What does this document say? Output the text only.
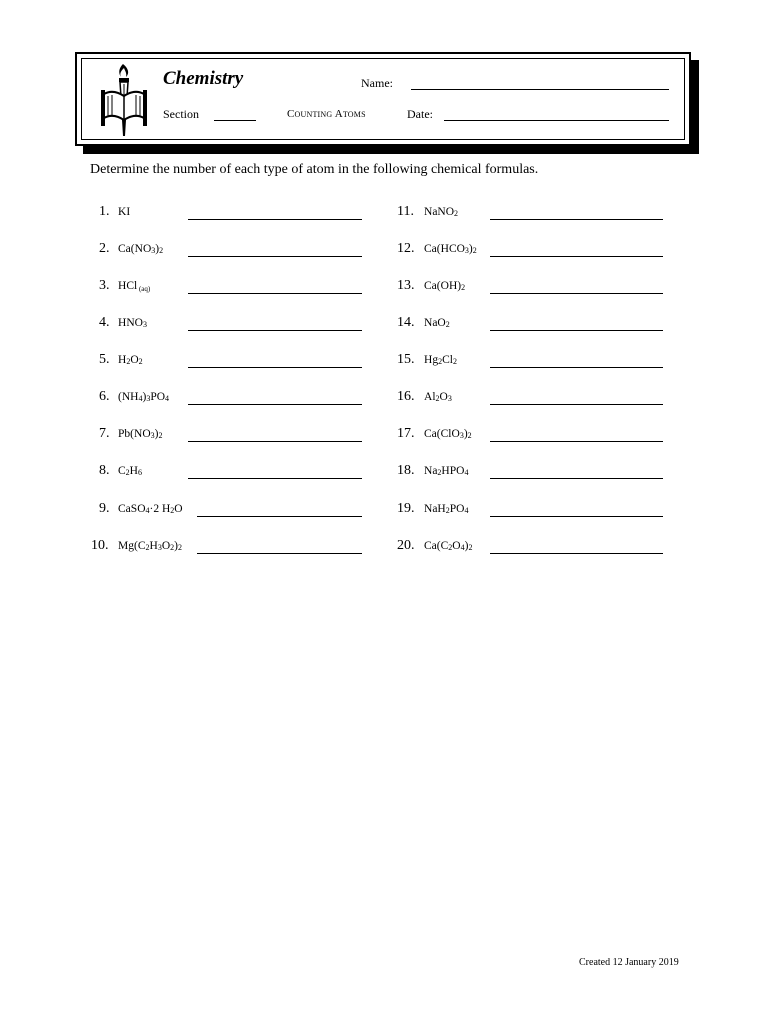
Chemistry	Name:
Section	Counting Atoms	Date:
Determine the number of each type of atom in the following chemical formulas.
1. KI
2. $Ca(NO_3)_2$
3. HCl (aq)
4. $HNO_3$
5. $H_2O_2$
6. $(NH_4)_3PO_4$
7. $Pb(NO_3)_2$
8. $C_2H_6$
9. CaSO$_4$·2 $H_2O$
10. $Mg(C_2H_3O_2)_2$
11. NaNO$_2$
12. $Ca(HCO_3)_2$
13. $Ca(OH)_2$
14. NaO$_2$
15. $Hg_2Cl_2$
16. $Al_2O_3$
17. $Ca(ClO_3)_2$
18. $Na_2HPO_4$
19. $NaH_2PO_4$
20. $Ca(C_2O_4)_2$
Created 12 January 2019
